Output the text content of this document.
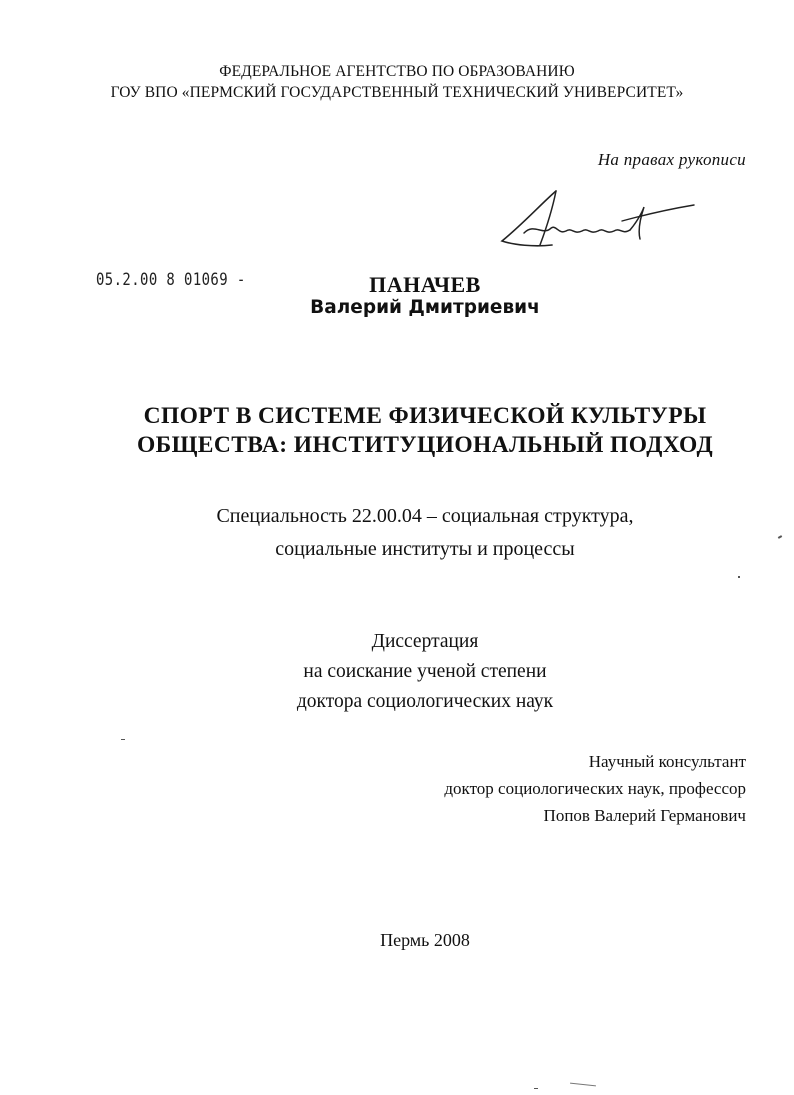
ФЕДЕРАЛЬНОЕ АГЕНТСТВО ПО ОБРАЗОВАНИЮ
ГОУ ВПО «ПЕРМСКИЙ ГОСУДАРСТВЕННЫЙ ТЕХНИЧЕСКИЙ УНИВЕРСИТЕТ»
На правах рукописи
05.2.00 8 01069 -	ПАНАЧЕВ
Валерий Дмитриевич
СПОРТ В СИСТЕМЕ ФИЗИЧЕСКОЙ КУЛЬТУРЫ
ОБЩЕСТВА: ИНСТИТУЦИОНАЛЬНЫЙ ПОДХОД
Специальность 22.00.04 – социальная структура,
социальные институты и процессы
Диссертация
на соискание ученой степени
доктора социологических наук
Научный консультант
доктор социологических наук, профессор
Попов Валерий Германович
Пермь 2008
